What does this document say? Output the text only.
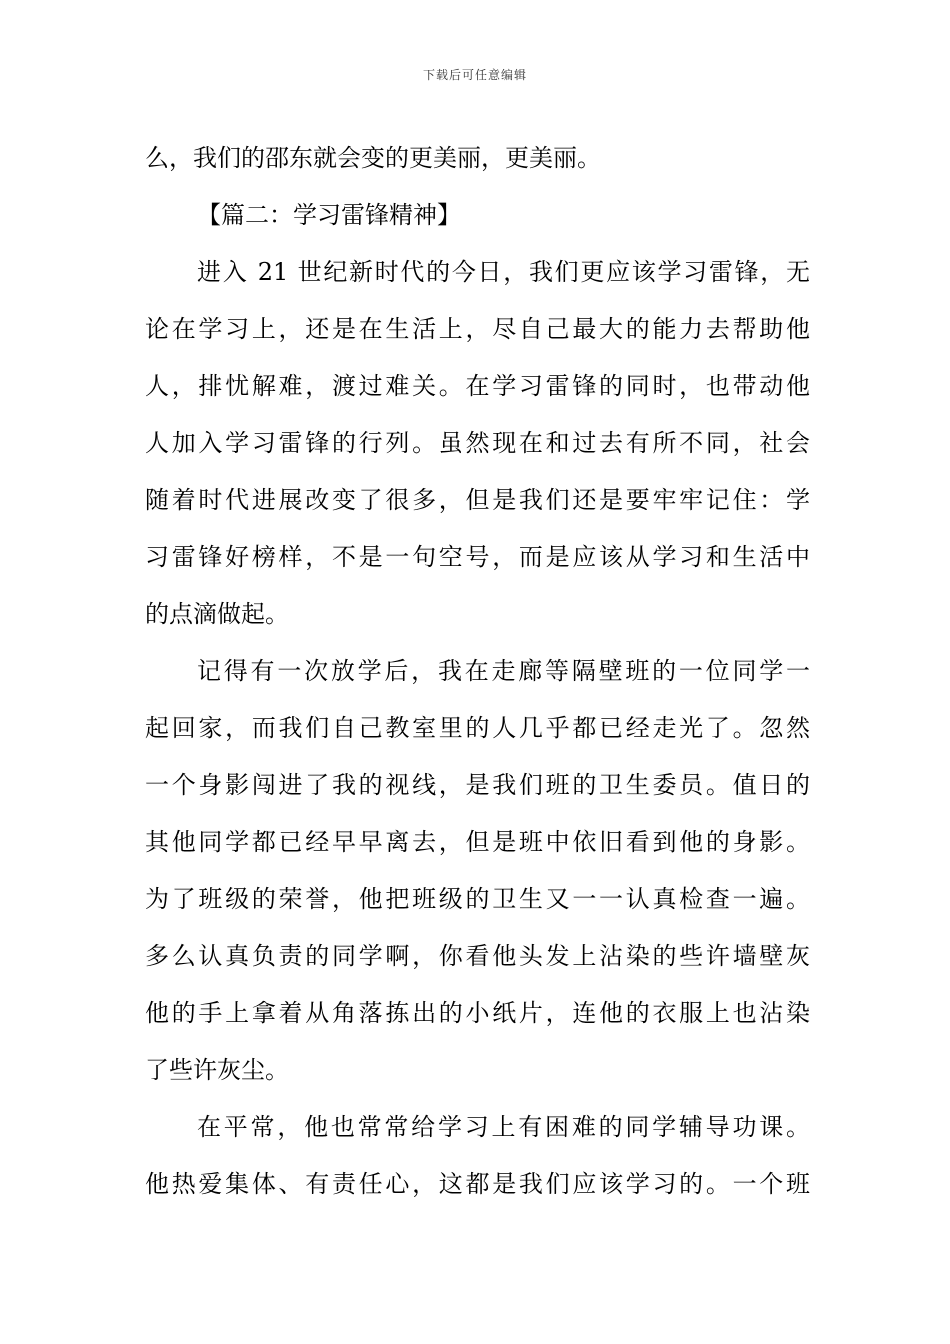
下载后可任意编辑
么，我们的邵东就会变的更美丽，更美丽。
【篇二：学习雷锋精神】
进入 21 世纪新时代的今日，我们更应该学习雷锋，无
论在学习上，还是在生活上，尽自己最大的能力去帮助他
人，排忧解难，渡过难关。在学习雷锋的同时，也带动他
人加入学习雷锋的行列。虽然现在和过去有所不同，社会
随着时代进展改变了很多，但是我们还是要牢牢记住：学
习雷锋好榜样，不是一句空号，而是应该从学习和生活中
的点滴做起。
记得有一次放学后，我在走廊等隔壁班的一位同学一
起回家，而我们自己教室里的人几乎都已经走光了。忽然
一个身影闯进了我的视线，是我们班的卫生委员。值日的
其他同学都已经早早离去，但是班中依旧看到他的身影。
为了班级的荣誉，他把班级的卫生又一一认真检查一遍。
多么认真负责的同学啊，你看他头发上沾染的些许墙壁灰
他的手上拿着从角落拣出的小纸片，连他的衣服上也沾染
了些许灰尘。
在平常，他也常常给学习上有困难的同学辅导功课。
他热爱集体、有责任心，这都是我们应该学习的。一个班
